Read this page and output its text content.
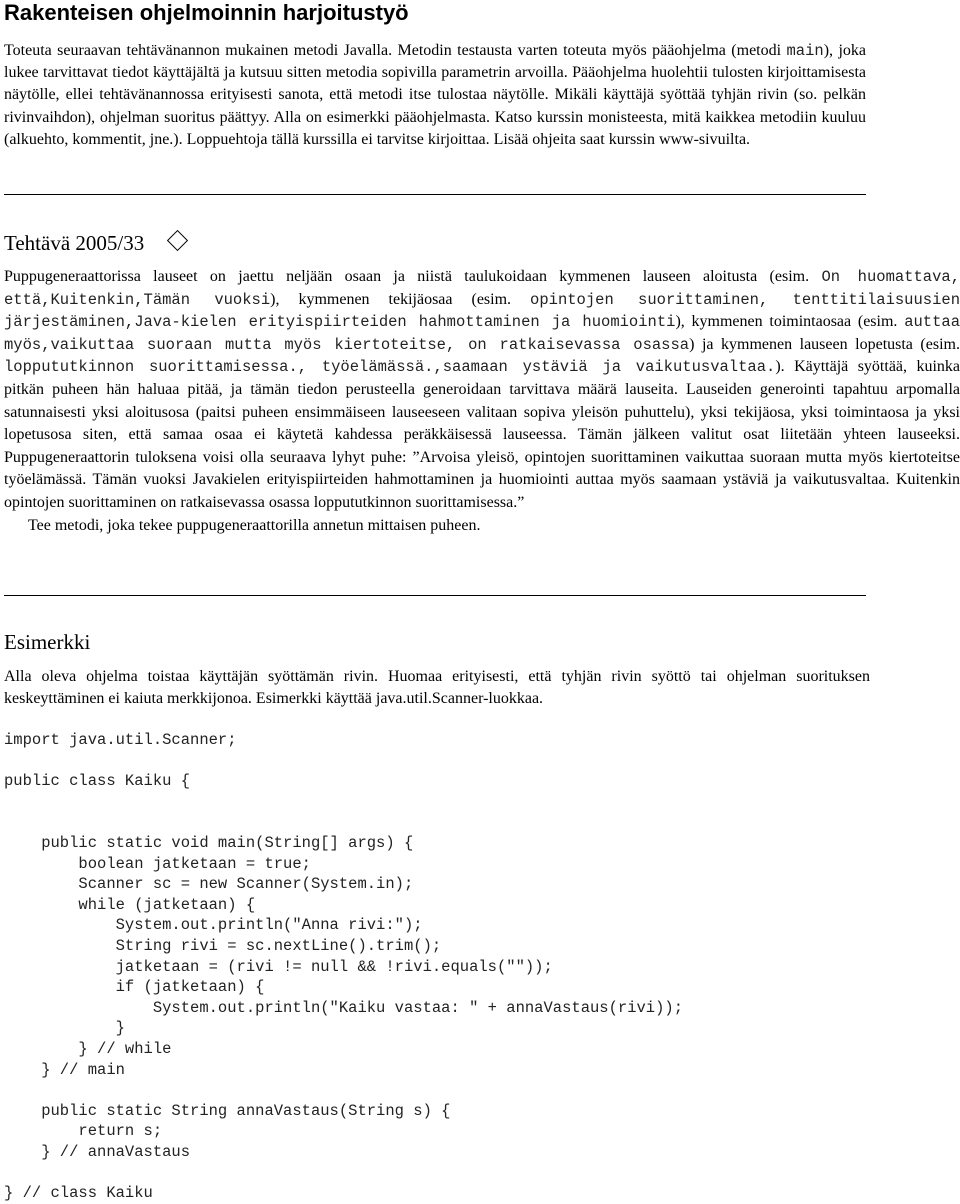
Rakenteisen ohjelmoinnin harjoitustyö
Toteuta seuraavan tehtävänannon mukainen metodi Javalla. Metodin testausta varten toteuta myös pääohjelma (metodi main), joka lukee tarvittavat tiedot käyttäjältä ja kutsuu sitten metodia sopivilla parametrin arvoilla. Pääohjelma huolehtii tulosten kirjoittamisesta näytölle, ellei tehtävänannossa erityisesti sanota, että metodi itse tulostaa näytölle. Mikäli käyttäjä syöttää tyhjän rivin (so. pelkän rivinvaihdon), ohjelman suoritus päättyy. Alla on esimerkki pääohjelmasta. Katso kurssin monisteesta, mitä kaikkea metodiin kuuluu (alkuehto, kommentit, jne.). Loppuehtoja tällä kurssilla ei tarvitse kirjoittaa. Lisää ohjeita saat kurssin www-sivuilta.
Tehtävä 2005/33

Puppugeneraattorissa lauseet on jaettu neljään osaan ja niistä taulukoidaan kymmenen lauseen aloitusta (esim. On huomattava, että,Kuitenkin,Tämän vuoksi), kymmenen tekijäosaa (esim. opintojen suorittaminen, tenttitilaisuusien järjestäminen,Java-kielen erityispiirteiden hahmottaminen ja huomiointi), kymmenen toimintaosaa (esim. auttaa myös,vaikuttaa suoraan mutta myös kiertoteitse, on ratkaisevassa osassa) ja kymmenen lauseen lopetusta (esim. loppututkinnon suorittamisessa., työelämässä.,saamaan ystäviä ja vaikutusvaltaa.). Käyttäjä syöttää, kuinka pitkän puheen hän haluaa pitää, ja tämän tiedon perusteella generoidaan tarvittava määrä lauseita. Lauseiden generointi tapahtuu arpomalla satunnaisesti yksi aloitusosa (paitsi puheen ensimmäiseen lauseeseen valitaan sopiva yleisön puhuttelu), yksi tekijäosa, yksi toimintaosa ja yksi lopetusosa siten, että samaa osaa ei käytetä kahdessa peräkkäisessä lauseessa. Tämän jälkeen valitut osat liitetään yhteen lauseeksi. Puppugeneraattorin tuloksena voisi olla seuraava lyhyt puhe: ”Arvoisa yleisö, opintojen suorittaminen vaikuttaa suoraan mutta myös kiertoteitse työelämässä. Tämän vuoksi Javakielen erityispiirteiden hahmottaminen ja huomiointi auttaa myös saamaan ystäviä ja vaikutusvaltaa. Kuitenkin opintojen suorittaminen on ratkaisevassa osassa loppututkinnon suorittamisessa.”

Tee metodi, joka tekee puppugeneraattorilla annetun mittaisen puheen.

Esimerkki
Alla oleva ohjelma toistaa käyttäjän syöttämän rivin. Huomaa erityisesti, että tyhjän rivin syöttö tai ohjelman suorituksen keskeyttäminen ei kaiuta merkkijonoa. Esimerkki käyttää java.util.Scanner-luokkaa.
import java.util.Scanner;

public class Kaiku {

public static void main(String[] args) {
boolean jatketaan = true;
Scanner sc = new Scanner(System.in);
while (jatketaan) {
System.out.println("Anna rivi:");
String rivi = sc.nextLine().trim();
jatketaan = (rivi != null && !rivi.equals(""));
if (jatketaan) {
System.out.println("Kaiku vastaa: " + annaVastaus(rivi));
}
} // while
} // main

public static String annaVastaus(String s) {
return s;
} // annaVastaus

} // class Kaiku
